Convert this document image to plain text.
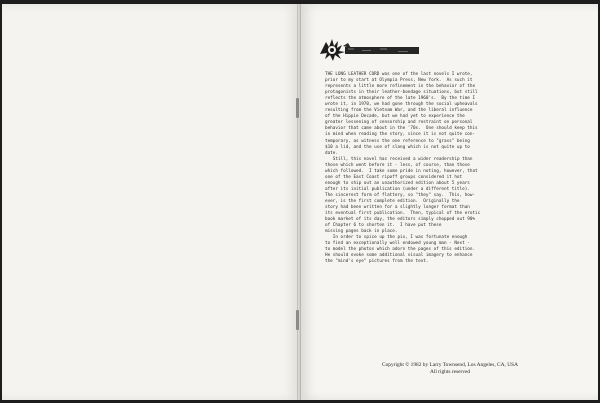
THE LONG LEATHER CORD was one of the last novels I wrote,
prior to my start at Olympia Press, New York.  As such it
represents a little more refinement in the behavior of the
protagonists in their leather-bondage situations, but still
reflects the atmosphere of the late 1960's.  By the time I
wrote it, in 1970, we had gone through the social upheavals
resulting from the Vietnam War, and the liberal influence
of the Hippie Decade, but we had yet to experience the
greater lessening of censorship and restraint on personal
behavior that came about in the '70s.  One should keep this
in mind when reading the story, since it is not quite con-
temporary, as witness the one reference to "grass" being
$10 a lid, and the use of slang which is not quite up to
date.

Still, this novel has received a wider readership than
those which went before it - less, of course, than those
which followed.  I take some pride in noting, however, that
one of the East Coast ripoff groups considered it hot
enough to ship out an unauthorized edition about 5 years
after its initial publication (under a different title).
The sincerest form of flattery, so "they" say.  This, how-
ever, is the first complete edition.  Originally the
story had been written for a slightly longer format than
its eventual first publication.  Then, typical of the erotic
book market of its day, the editors simply chopped out 90%
of Chapter 6 to shorten it.  I have put these
missing pages back in place.

In order to spice up the pix, I was fortunate enough
to find an exceptionally well endowed young man - Next -
to model the photos which adorn the pages of this edition.
He should evoke some additional visual imagery to enhance
the "mind's eye" pictures from the text.

Copyright © 1982 by Larry Townsend, Los Angeles, CA, USA
All rights reserved
